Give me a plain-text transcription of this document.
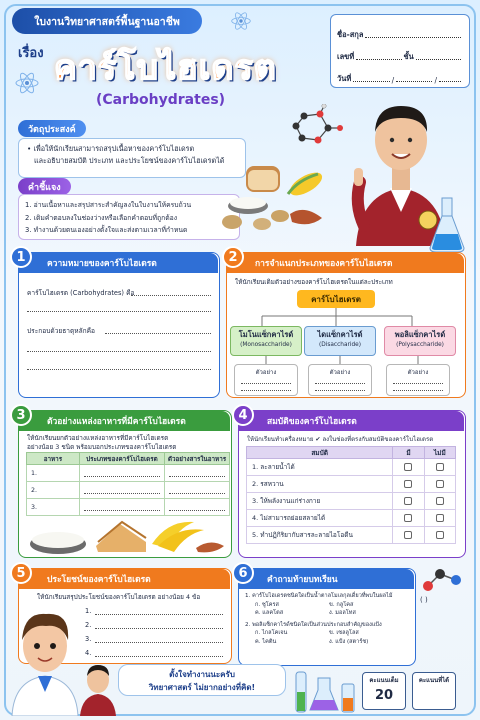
ใบงานวิทยาศาสตร์พื้นฐานอาชีพ
เรื่อง คาร์โบไฮเดรต
(Carbohydrates)
ชื่อ-สกุล
เลขที่	ชั้น
วันที่	/	/
วัตถุประสงค์
• เพื่อให้นักเรียนสามารถสรุปเนื้อหาของคาร์โบไฮเดรต
และอธิบายสมบัติ ประเภท และประโยชน์ของคาร์โบไฮเดรตได้
คำชี้แจง
1. อ่านเนื้อหาและสรุปสาระสำคัญลงในใบงานให้ครบถ้วน
2. เติมคำตอบลงในช่องว่างหรือเลือกคำตอบที่ถูกต้อง
3. ทำงานด้วยตนเองอย่างตั้งใจและส่งตามเวลาที่กำหนด
ความหมายของคาร์โบไฮเดรต
คาร์โบไฮเดรต (Carbohydrates) คือ
ประกอบด้วยธาตุหลักคือ
1	การจำแนกประเภทของคาร์โบไฮเดรต
ให้นักเรียนเติมตัวอย่างของคาร์โบไฮเดรตในแต่ละประเภท
2
คาร์โบไฮเดรต
โมโนแซ็กคาไรด์
(Monosaccharide)
ไดแซ็กคาไรด์
(Disaccharide)
พอลิแซ็กคาไรด์
(Polysaccharide)
ตัวอย่าง	ตัวอย่าง	ตัวอย่าง
ตัวอย่างแหล่งอาหารที่มีคาร์โบไฮเดรต
ให้นักเรียนยกตัวอย่างแหล่งอาหารที่มีคาร์โบไฮเดรต
อย่างน้อย 3 ชนิด พร้อมบอกประเภทของคาร์โบไฮเดรต
3
อาหาร	ประเภทของคาร์โบไฮเดรต	ตัวอย่างสารในอาหาร
1.	

2.	

3.	

สมบัติของคาร์โบไฮเดรต
ให้นักเรียนทำเครื่องหมาย ✔ ลงในช่องที่ตรงกับสมบัติของคาร์โบไฮเดรต
4
สมบัติ	มี	ไม่มี
1. ละลายน้ำได้	

2. รสหวาน	

3. ให้พลังงานแก่ร่างกาย	

4. ไม่สามารถย่อยสลายได้	

5. ทำปฏิกิริยากับสารละลายไอโอดีน	

ประโยชน์ของคาร์โบไฮเดรต
ให้นักเรียนสรุปประโยชน์ของคาร์โบไฮเดรต อย่างน้อย 4 ข้อ
1.
2.
3.
4.
5	คำถามท้ายบทเรียน
1. คาร์โบไฮเดรตชนิดใดเป็นน้ำตาลโมเลกุลเดี่ยวที่พบในผลไม้
ก. ซูโครส	ข. กลูโคส
ค. แลคโตส	ง. มอลโทส
2. พอลิแซ็กคาไรด์ชนิดใดเป็นส่วนประกอบสำคัญของแป้ง
ก. ไกลโคเจน	ข. เซลลูโลส
ค. ไคติน	ง. แป้ง (สตาร์ช)
6
( )
ตั้งใจทำงานนะครับ
วิทยาศาสตร์ ไม่ยากอย่างที่คิด!
คะแนนเต็ม
20
คะแนนที่ได้
